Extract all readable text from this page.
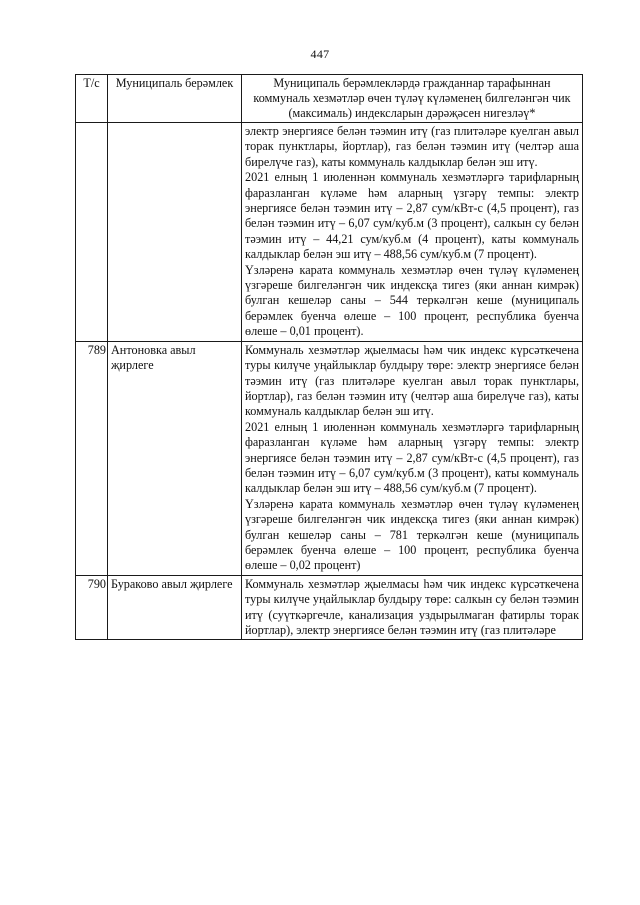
447
Т/с	Муниципаль берәмлек	Муниципаль берәмлекләрдә гражданнар тарафыннан коммуналь хезмәтләр өчен түләү күләменең билгеләнгән чик (максималь) индексларын дәрәҗәсен нигезләү*

		электр энергиясе белән тәэмин итү (газ плитәләре куелган авыл торак пунктлары, йортлар), газ белән тәэмин итү (челтәр аша бирелүче газ), каты коммуналь калдыклар белән эш итү.

2021 елның 1 июленнән коммуналь хезмәтләргә тарифларның фаразланган күләме һәм аларның үзгәрү темпы: электр энергиясе белән тәэмин итү – 2,87 сум/кВт-с (4,5 процент), газ белән тәэмин итү – 6,07 сум/куб.м (3 процент), салкын су белән тәэмин итү – 44,21 сум/куб.м (4 процент), каты коммуналь калдыклар белән эш итү – 488,56 сум/куб.м (7 процент).

Үзләренә карата коммуналь хезмәтләр өчен түләү күләменең үзгәреше билгеләнгән чик индексқа тигез (яки аннан кимрәк) булган кешеләр саны – 544 теркәлгән кеше (муниципаль берәмлек буенча өлеше – 100 процент, республика буенча өлеше – 0,01 процент).

789	Антоновка авыл җирлеге	Коммуналь хезмәтләр җыелмасы һәм чик индекс күрсәткечена туры килүче уңайлыклар булдыру төре: электр энергиясе белән тәэмин итү (газ плитәләре куелган авыл торак пунктлары, йортлар), газ белән тәэмин итү (челтәр аша бирелүче газ), каты коммуналь калдыклар белән эш итү.

2021 елның 1 июленнән коммуналь хезмәтләргә тарифларның фаразланган күләме һәм аларның үзгәрү темпы: электр энергиясе белән тәэмин итү – 2,87 сум/кВт-с (4,5 процент), газ белән тәэмин итү – 6,07 сум/куб.м (3 процент), каты коммуналь калдыклар белән эш итү – 488,56 сум/куб.м (7 процент).

Үзләренә карата коммуналь хезмәтләр өчен түләү күләменең үзгәреше билгеләнгән чик индексқа тигез (яки аннан кимрәк) булган кешеләр саны – 781 теркәлгән кеше (муниципаль берәмлек буенча өлеше – 100 процент, республика буенча өлеше – 0,02 процент)

790	Бураково авыл җирлеге	Коммуналь хезмәтләр җыелмасы һәм чик индекс күрсәткечена туры килүче уңайлыклар булдыру төре: салкын су белән тәэмин итү (суүткәргечле, канализация уздырылмаган фатирлы торак йортлар), электр энергиясе белән тәэмин итү (газ плитәләре
